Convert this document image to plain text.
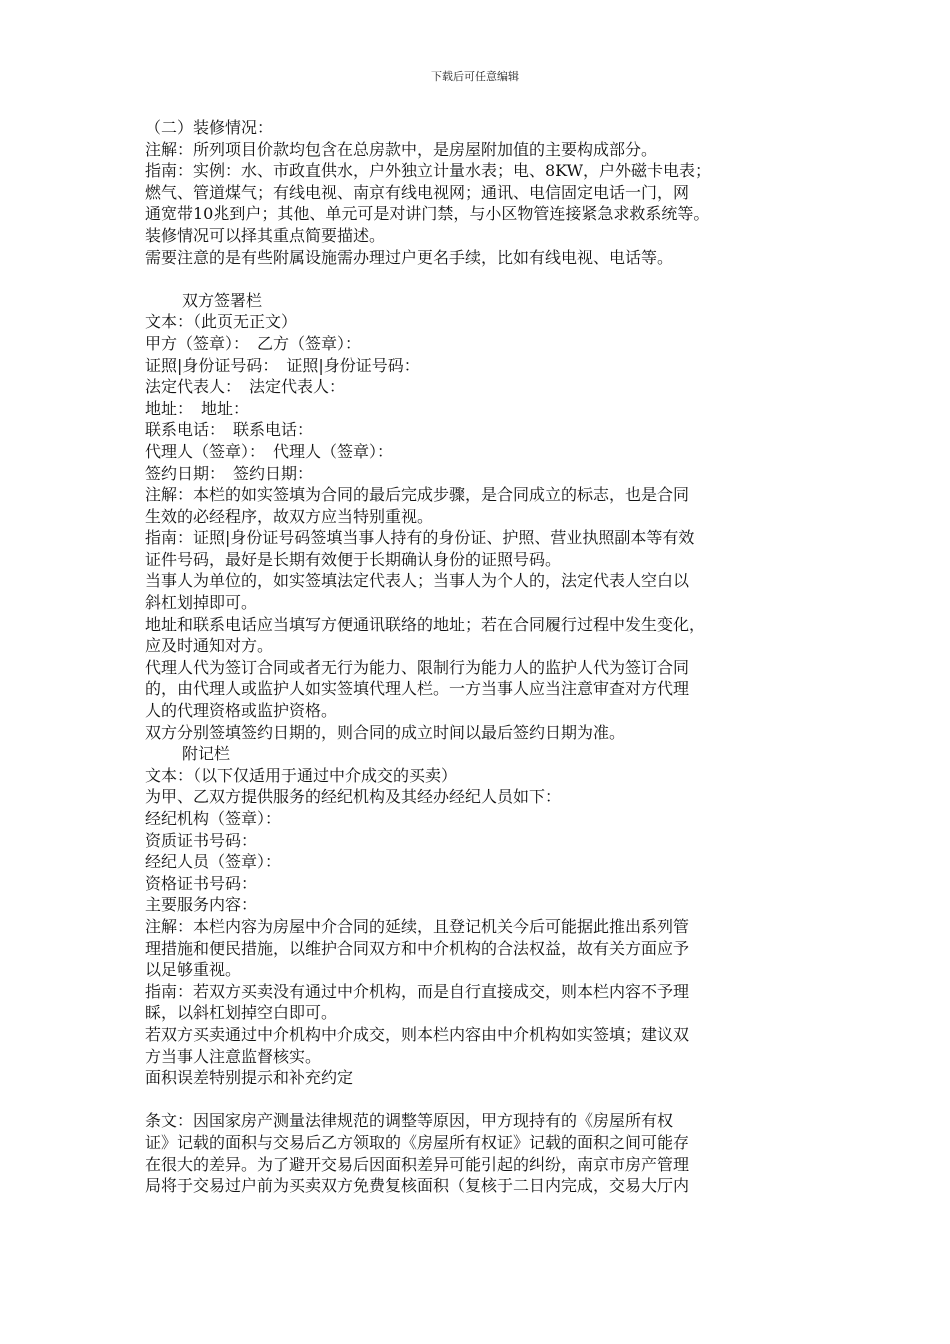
下载后可任意编辑

（二）装修情况：

注解：所列项目价款均包含在总房款中，是房屋附加值的主要构成部分。

指南：实例：水、市政直供水，户外独立计量水表；电、8KW，户外磁卡电表；

燃气、管道煤气；有线电视、南京有线电视网；通讯、电信固定电话一门，网

通宽带10兆到户；其他、单元可是对讲门禁，与小区物管连接紧急求救系统等。

装修情况可以择其重点简要描述。

需要注意的是有些附属设施需办理过户更名手续，比如有线电视、电话等。

双方签署栏

文本：（此页无正文）

甲方（签章）：　乙方（签章）：

证照|身份证号码：　证照|身份证号码：

法定代表人：　法定代表人：

地址：　地址：

联系电话：　联系电话：

代理人（签章）：　代理人（签章）：

签约日期：　签约日期：

注解：本栏的如实签填为合同的最后完成步骤，是合同成立的标志，也是合同

生效的必经程序，故双方应当特别重视。

指南：证照|身份证号码签填当事人持有的身份证、护照、营业执照副本等有效

证件号码，最好是长期有效便于长期确认身份的证照号码。

当事人为单位的，如实签填法定代表人；当事人为个人的，法定代表人空白以

斜杠划掉即可。

地址和联系电话应当填写方便通讯联络的地址；若在合同履行过程中发生变化，

应及时通知对方。

代理人代为签订合同或者无行为能力、限制行为能力人的监护人代为签订合同

的，由代理人或监护人如实签填代理人栏。一方当事人应当注意审查对方代理

人的代理资格或监护资格。

双方分别签填签约日期的，则合同的成立时间以最后签约日期为准。

附记栏

文本：（以下仅适用于通过中介成交的买卖）

为甲、乙双方提供服务的经纪机构及其经办经纪人员如下：

经纪机构（签章）：

资质证书号码：

经纪人员（签章）：

资格证书号码：

主要服务内容：

注解：本栏内容为房屋中介合同的延续，且登记机关今后可能据此推出系列管

理措施和便民措施，以维护合同双方和中介机构的合法权益，故有关方面应予

以足够重视。

指南：若双方买卖没有通过中介机构，而是自行直接成交，则本栏内容不予理

睬，以斜杠划掉空白即可。

若双方买卖通过中介机构中介成交，则本栏内容由中介机构如实签填；建议双

方当事人注意监督核实。

面积误差特别提示和补充约定

条文：因国家房产测量法律规范的调整等原因，甲方现持有的《房屋所有权

证》记载的面积与交易后乙方领取的《房屋所有权证》记载的面积之间可能存

在很大的差异。为了避开交易后因面积差异可能引起的纠纷，南京市房产管理

局将于交易过户前为买卖双方免费复核面积（复核于二日内完成，交易大厅内
